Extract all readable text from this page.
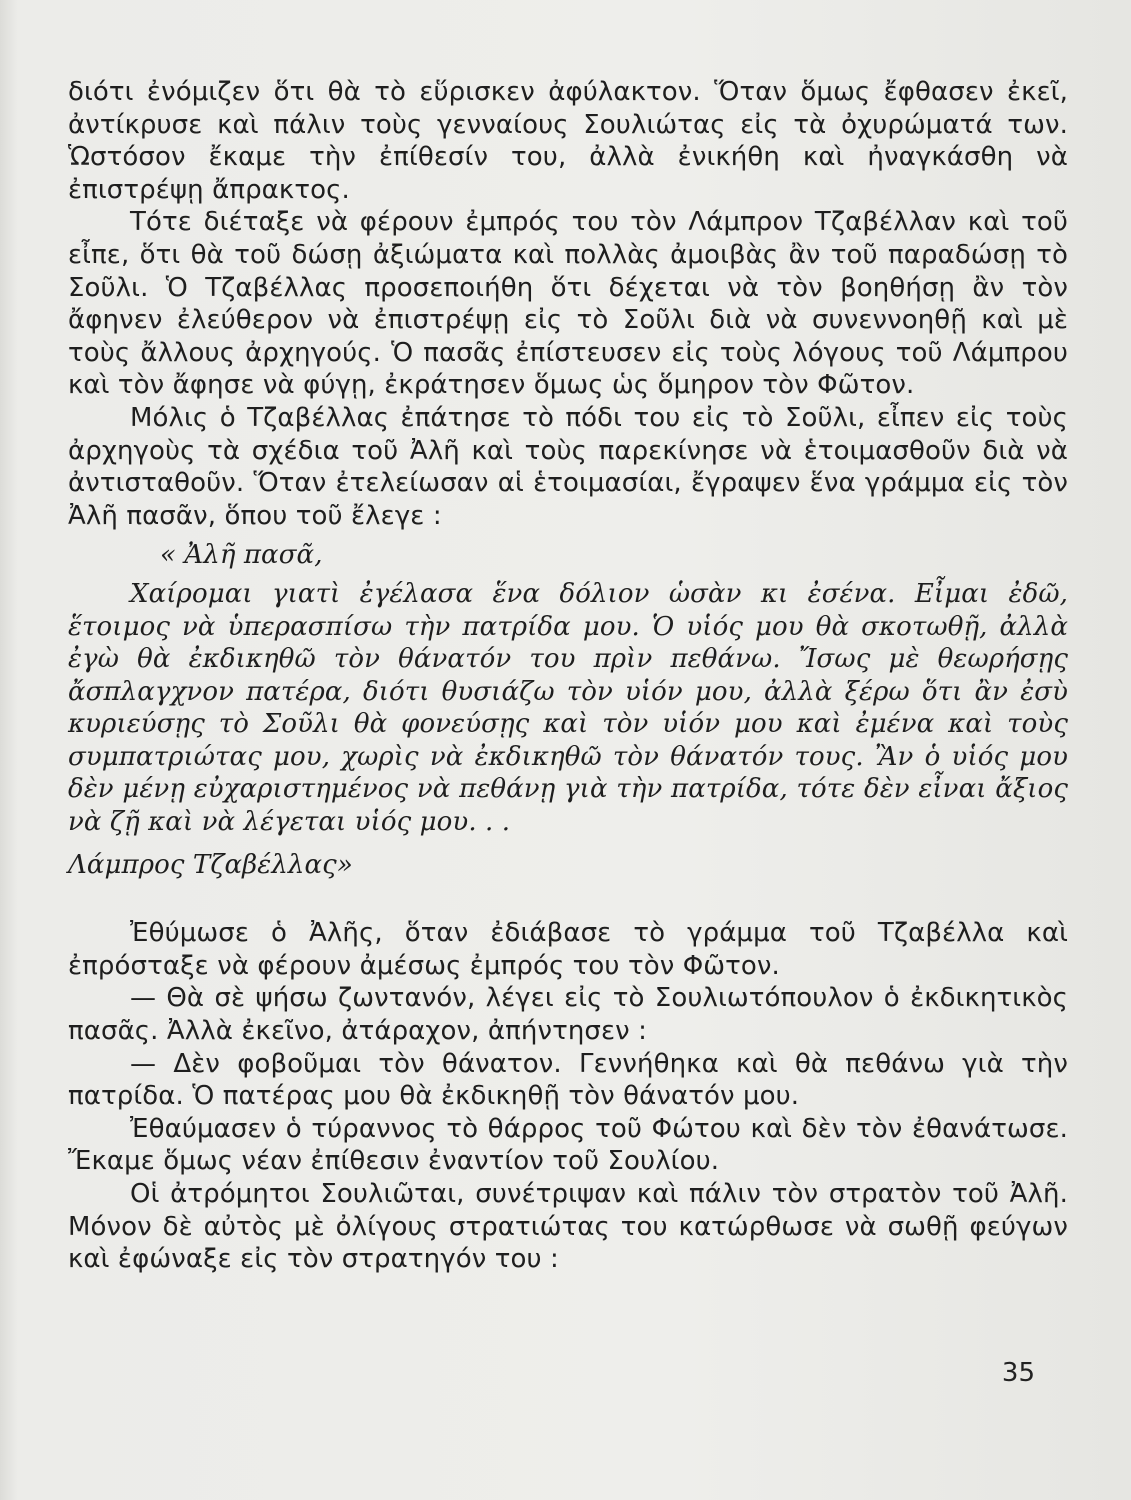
διότι ἐνόμιζεν ὅτι θὰ τὸ εὕρισκεν ἀφύλακτον. Ὅταν ὅμως ἔφθασεν ἐκεῖ, ἀντίκρυσε καὶ πάλιν τοὺς γενναίους Σουλιώτας εἰς τὰ ὀχυρώματά των. Ὡστόσον ἔκαμε τὴν ἐπίθεσίν του, ἀλλὰ ἐνικήθη καὶ ἠναγκάσθη νὰ ἐπιστρέψῃ ἄπρακτος.

Τότε διέταξε νὰ φέρουν ἐμπρός του τὸν Λάμπρον Τζαβέλλαν καὶ τοῦ εἶπε, ὅτι θὰ τοῦ δώσῃ ἀξιώματα καὶ πολλὰς ἀμοιβὰς ἂν τοῦ παραδώσῃ τὸ Σοῦλι. Ὁ Τζαβέλλας προσεποιήθη ὅτι δέχεται νὰ τὸν βοηθήσῃ ἂν τὸν ἄφηνεν ἐλεύθερον νὰ ἐπιστρέψῃ εἰς τὸ Σοῦλι διὰ νὰ συνεννοηθῇ καὶ μὲ τοὺς ἄλλους ἀρχηγούς. Ὁ πασᾶς ἐπίστευσεν εἰς τοὺς λόγους τοῦ Λάμπρου καὶ τὸν ἄφησε νὰ φύγῃ, ἐκράτησεν ὅμως ὡς ὅμηρον τὸν Φῶτον.

Μόλις ὁ Τζαβέλλας ἐπάτησε τὸ πόδι του εἰς τὸ Σοῦλι, εἶπεν εἰς τοὺς ἀρχηγοὺς τὰ σχέδια τοῦ Ἀλῆ καὶ τοὺς παρεκίνησε νὰ ἑτοιμασθοῦν διὰ νὰ ἀντισταθοῦν. Ὅταν ἐτελείωσαν αἱ ἑτοιμασίαι, ἔγραψεν ἕνα γράμμα εἰς τὸν Ἀλῆ πασᾶν, ὅπου τοῦ ἔλεγε :

« Ἀλῆ πασᾶ,

Χαίρομαι γιατὶ ἐγέλασα ἕνα δόλιον ὡσὰν κι ἐσένα. Εἶμαι ἐδῶ, ἕτοιμος νὰ ὑπερασπίσω τὴν πατρίδα μου. Ὁ υἱός μου θὰ σκοτωθῇ, ἀλλὰ ἐγὼ θὰ ἐκδικηθῶ τὸν θάνατόν του πρὶν πεθάνω. Ἴσως μὲ θεωρήσῃς ἄσπλαγχνον πατέρα, διότι θυσιάζω τὸν υἱόν μου, ἀλλὰ ξέρω ὅτι ἂν ἐσὺ κυριεύσῃς τὸ Σοῦλι θὰ φονεύσῃς καὶ τὸν υἱόν μου καὶ ἐμένα καὶ τοὺς συμπατριώτας μου, χωρὶς νὰ ἐκδικηθῶ τὸν θάνατόν τους. Ἂν ὁ υἱός μου δὲν μένῃ εὐχαριστημένος νὰ πεθάνῃ γιὰ τὴν πατρίδα, τότε δὲν εἶναι ἄξιος νὰ ζῇ καὶ νὰ λέγεται υἱός μου. . .

Λάμπρος Τζαβέλλας»

Ἐθύμωσε ὁ Ἀλῆς, ὅταν ἐδιάβασε τὸ γράμμα τοῦ Τζαβέλλα καὶ ἐπρόσταξε νὰ φέρουν ἀμέσως ἐμπρός του τὸν Φῶτον.

— Θὰ σὲ ψήσω ζωντανόν, λέγει εἰς τὸ Σουλιωτόπουλον ὁ ἐκδικητικὸς πασᾶς. Ἀλλὰ ἐκεῖνο, ἀτάραχον, ἀπήντησεν :

— Δὲν φοβοῦμαι τὸν θάνατον. Γεννήθηκα καὶ θὰ πεθάνω γιὰ τὴν πατρίδα. Ὁ πατέρας μου θὰ ἐκδικηθῇ τὸν θάνατόν μου.

Ἐθαύμασεν ὁ τύραννος τὸ θάρρος τοῦ Φώτου καὶ δὲν τὸν ἐθανάτωσε. Ἔκαμε ὅμως νέαν ἐπίθεσιν ἐναντίον τοῦ Σουλίου.

Οἱ ἀτρόμητοι Σουλιῶται, συνέτριψαν καὶ πάλιν τὸν στρατὸν τοῦ Ἀλῆ. Μόνον δὲ αὐτὸς μὲ ὀλίγους στρατιώτας του κατώρθωσε νὰ σωθῇ φεύγων καὶ ἐφώναξε εἰς τὸν στρατηγόν του :

35
